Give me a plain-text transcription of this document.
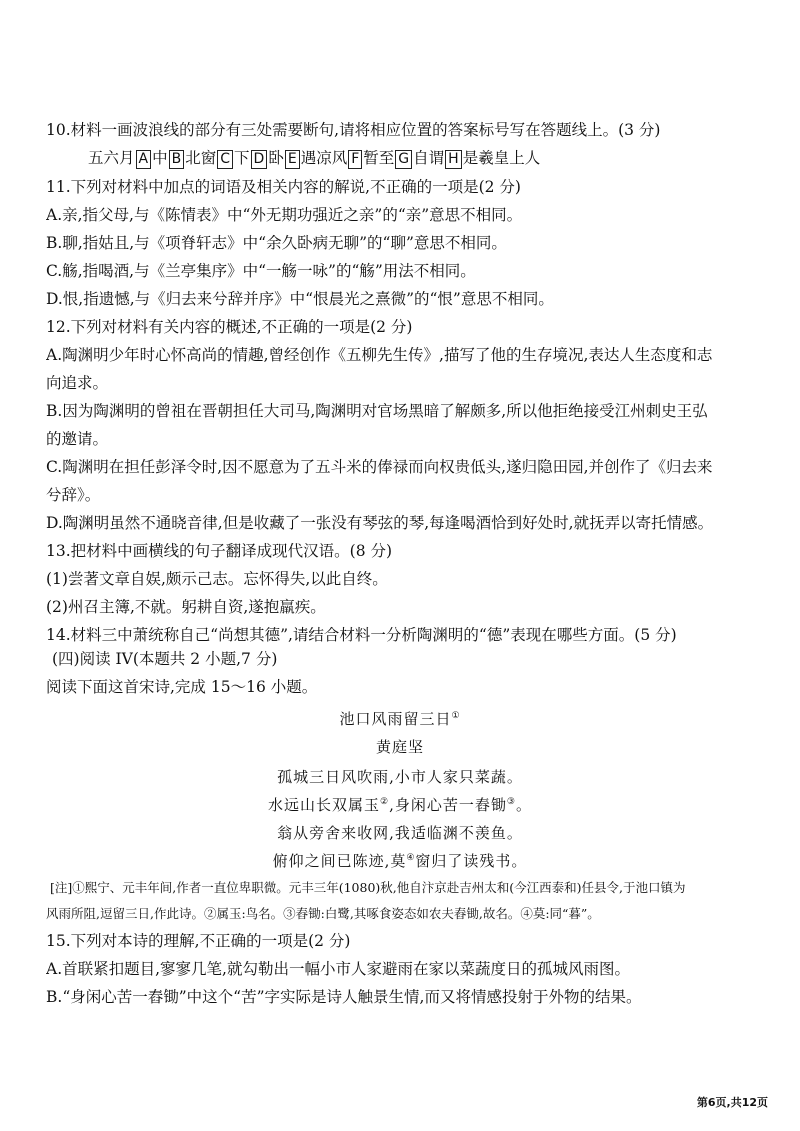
10.材料一画波浪线的部分有三处需要断句,请将相应位置的答案标号写在答题线上。(3 分)
五六月 A 中 B 北窗 C 下 D 卧 E 遇凉风 F 暂至 G 自谓 H 是羲皇上人
11.下列对材料中加点的词语及相关内容的解说,不正确的一项是(2 分)
A.亲,指父母,与《陈情表》中“外无期功强近之亲”的“亲”意思不相同。
B.聊,指姑且,与《项脊轩志》中“余久卧病无聊”的“聊”意思不相同。
C.觞,指喝酒,与《兰亭集序》中“一觞一咏”的“觞”用法不相同。
D.恨,指遗憾,与《归去来兮辞并序》中“恨晨光之熹微”的“恨”意思不相同。
12.下列对材料有关内容的概述,不正确的一项是(2 分)
A.陶渊明少年时心怀高尚的情趣,曾经创作《五柳先生传》,描写了他的生存境况,表达人生态度和志
向追求。
B.因为陶渊明的曾祖在晋朝担任大司马,陶渊明对官场黑暗了解颇多,所以他拒绝接受江州刺史王弘
的邀请。
C.陶渊明在担任彭泽令时,因不愿意为了五斗米的俸禄而向权贵低头,遂归隐田园,并创作了《归去来
兮辞》。
D.陶渊明虽然不通晓音律,但是收藏了一张没有琴弦的琴,每逢喝酒恰到好处时,就抚弄以寄托情感。
13.把材料中画横线的句子翻译成现代汉语。(8 分)
(1)尝著文章自娱,颇示己志。忘怀得失,以此自终。
(2)州召主簿,不就。躬耕自资,遂抱羸疾。
14.材料三中萧统称自己“尚想其德”,请结合材料一分析陶渊明的“德”表现在哪些方面。(5 分)
(四)阅读 IV(本题共 2 小题,7 分)
阅读下面这首宋诗,完成 15～16 小题。
池口风雨留三日①
黄庭坚
孤城三日风吹雨,小市人家只菜蔬。
水远山长双属玉②,身闲心苦一舂锄③。
翁从旁舍来收网,我适临渊不羡鱼。
俯仰之间已陈迹,莫④窗归了读残书。
[注]①熙宁、元丰年间,作者一直位卑职微。元丰三年(1080)秋,他自汴京赴吉州太和(今江西泰和)任县令,于池口镇为
风雨所阻,逗留三日,作此诗。②属玉:鸟名。③舂锄:白鹭,其啄食姿态如农夫舂锄,故名。④莫:同“暮”。
15.下列对本诗的理解,不正确的一项是(2 分)
A.首联紧扣题目,寥寥几笔,就勾勒出一幅小市人家避雨在家以菜蔬度日的孤城风雨图。
B.“身闲心苦一舂锄”中这个“苦”字实际是诗人触景生情,而又将情感投射于外物的结果。
第6页,共12页
